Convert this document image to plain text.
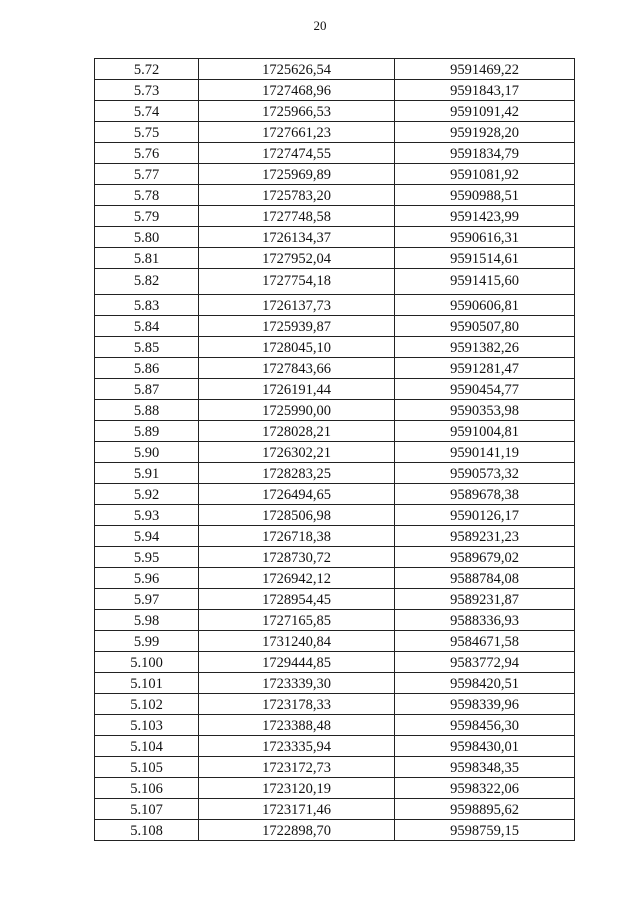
20
5.72	1725626,54	9591469,22
5.73	1727468,96	9591843,17
5.74	1725966,53	9591091,42
5.75	1727661,23	9591928,20
5.76	1727474,55	9591834,79
5.77	1725969,89	9591081,92
5.78	1725783,20	9590988,51
5.79	1727748,58	9591423,99
5.80	1726134,37	9590616,31
5.81	1727952,04	9591514,61
5.82	1727754,18	9591415,60
5.83	1726137,73	9590606,81
5.84	1725939,87	9590507,80
5.85	1728045,10	9591382,26
5.86	1727843,66	9591281,47
5.87	1726191,44	9590454,77
5.88	1725990,00	9590353,98
5.89	1728028,21	9591004,81
5.90	1726302,21	9590141,19
5.91	1728283,25	9590573,32
5.92	1726494,65	9589678,38
5.93	1728506,98	9590126,17
5.94	1726718,38	9589231,23
5.95	1728730,72	9589679,02
5.96	1726942,12	9588784,08
5.97	1728954,45	9589231,87
5.98	1727165,85	9588336,93
5.99	1731240,84	9584671,58
5.100	1729444,85	9583772,94
5.101	1723339,30	9598420,51
5.102	1723178,33	9598339,96
5.103	1723388,48	9598456,30
5.104	1723335,94	9598430,01
5.105	1723172,73	9598348,35
5.106	1723120,19	9598322,06
5.107	1723171,46	9598895,62
5.108	1722898,70	9598759,15
